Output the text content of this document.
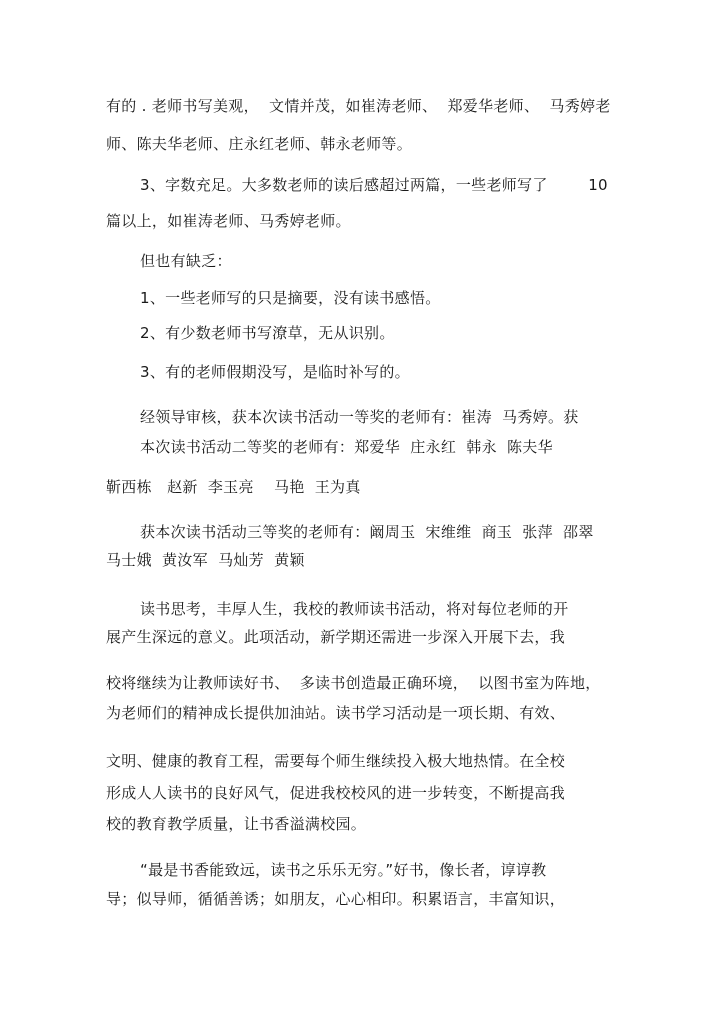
有的 . 老师书写美观，  文情并茂，如崔涛老师、  郑爱华老师、  马秀婷老
师、陈夫华老师、庄永红老师、韩永老师等。
3、字数充足。大多数老师的读后感超过两篇，一些老师写了        10
篇以上，如崔涛老师、马秀婷老师。
但也有缺乏：
1、一些老师写的只是摘要，没有读书感悟。
2、有少数老师书写潦草，无从识别。
3、有的老师假期没写，是临时补写的。
经领导审核，获本次读书活动一等奖的老师有：崔涛  马秀婷。获
本次读书活动二等奖的老师有：郑爱华  庄永红  韩永  陈夫华
靳西栋   赵新  李玉亮    马艳  王为真
获本次读书活动三等奖的老师有：阚周玉  宋维维  商玉  张萍  邵翠
马士娥  黄汝军  马灿芳  黄颖
读书思考，丰厚人生，我校的教师读书活动，将对每位老师的开
展产生深远的意义。此项活动，新学期还需进一步深入开展下去，我
校将继续为让教师读好书、  多读书创造最正确环境，  以图书室为阵地，
为老师们的精神成长提供加油站。读书学习活动是一项长期、有效、
文明、健康的教育工程，需要每个师生继续投入极大地热情。在全校
形成人人读书的良好风气，促进我校校风的进一步转变，不断提高我
校的教育教学质量，让书香溢满校园。
“最是书香能致远，读书之乐乐无穷。”好书，像长者，谆谆教
导；似导师，循循善诱；如朋友，心心相印。积累语言，丰富知识，
